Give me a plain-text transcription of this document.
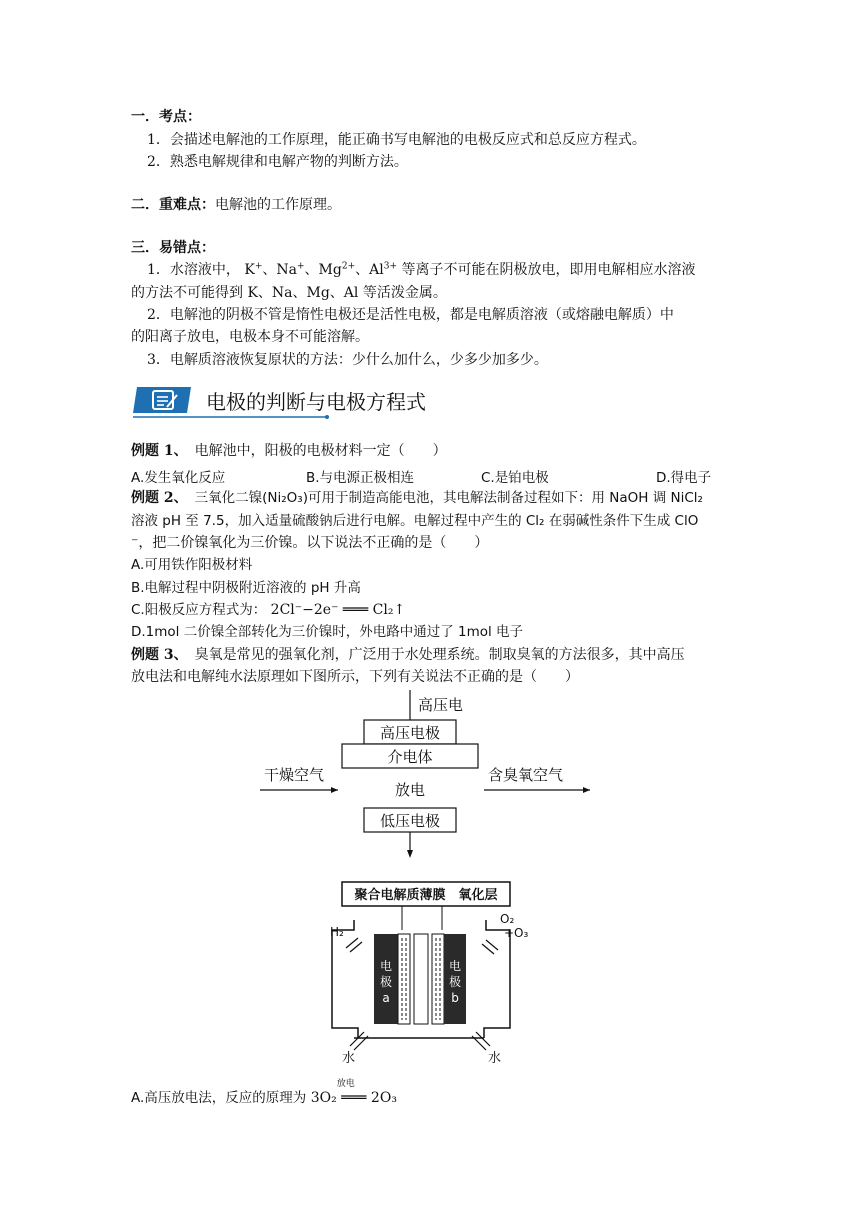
一．考点：
1．会描述电解池的工作原理，能正确书写电解池的电极反应式和总反应方程式。
2．熟悉电解规律和电解产物的判断方法。
二．重难点：电解池的工作原理。
三．易错点：
1．水溶液中， K+、Na+、$Mg^{2+}$、$Al^{3+}$ 等离子不可能在阴极放电，即用电解相应水溶液
的方法不可能得到 K、Na、Mg、Al 等活泼金属。
2．电解池的阴极不管是惰性电极还是活性电极，都是电解质溶液（或熔融电解质）中
的阳离子放电，电极本身不可能溶解。
3．电解质溶液恢复原状的方法：少什么加什么，少多少加多少。
电极的判断与电极方程式
例题 1、　 电解池中，阳极的电极材料一定（　　）
A.发生氧化反应	B.与电源正极相连	C.是铂电极	D.得电子
例题 2、　 三氧化二镍(Ni₂O₃)可用于制造高能电池，其电解法制备过程如下：用 NaOH 调 NiCl₂
溶液 pH 至 7.5，加入适量硫酸钠后进行电解。电解过程中产生的 Cl₂ 在弱碱性条件下生成 ClO
⁻，把二价镍氧化为三价镍。以下说法不正确的是（　　）
A.可用铁作阳极材料
B.电解过程中阴极附近溶液的 pH 升高
C.阳极反应方程式为： 2Cl⁻−2e⁻ ═══ Cl₂↑
D.1mol 二价镍全部转化为三价镍时，外电路中通过了 1mol 电子
例题 3、　 臭氧是常见的强氧化剂，广泛用于水处理系统。制取臭氧的方法很多，其中高压
放电法和电解纯水法原理如下图所示，下列有关说法不正确的是（　　）
高压电
高压电极
介电体
干燥空气
放电
含臭氧空气
低压电极
聚合电解质薄膜　氧化层
电
极
a
电
极
b
H₂
O₂
+O₃
水	水
A.高压放电法，反应的原理为
放电
3O₂ ═══ 2O₃
